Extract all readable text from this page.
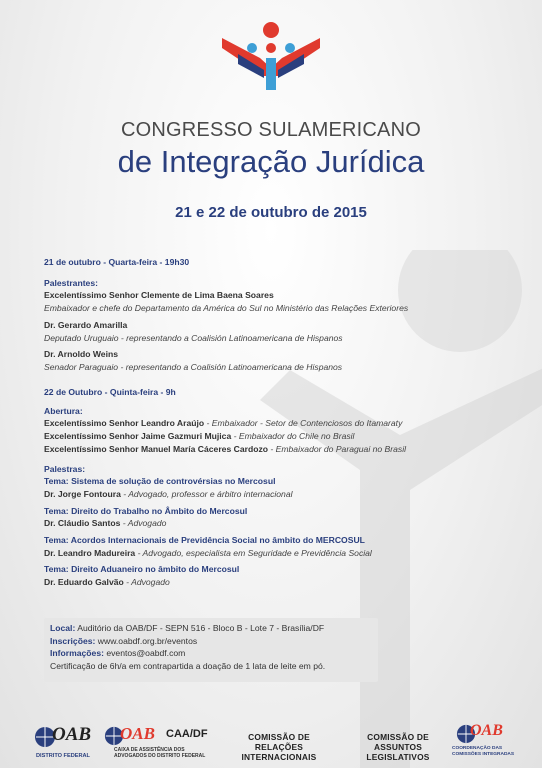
CONGRESSO SULAMERICANO
de Integração Jurídica
21 e 22 de outubro de 2015
21 de outubro - Quarta-feira - 19h30
Palestrantes:
Excelentíssimo Senhor Clemente de Lima Baena Soares
Embaixador e chefe do Departamento da América do Sul no Ministério das Relações Exteriores
Dr. Gerardo Amarilla
Deputado Uruguaio - representando a Coalisión Latinoamericana de Hispanos
Dr. Arnoldo Weins
Senador Paraguaio - representando a Coalisión Latinoamericana de Hispanos
22 de Outubro - Quinta-feira - 9h
Abertura:
Excelentíssimo Senhor Leandro Araújo - Embaixador - Setor de Contenciosos do Itamaraty
Excelentíssimo Senhor Jaime Gazmuri Mujica - Embaixador do Chile no Brasil
Excelentíssimo Senhor Manuel María Cáceres Cardozo - Embaixador do Paraguai no Brasil
Palestras:
Tema: Sistema de solução de controvérsias no Mercosul
Dr. Jorge Fontoura - Advogado, professor e árbitro internacional
Tema: Direito do Trabalho no Âmbito do Mercosul
Dr. Cláudio Santos - Advogado
Tema: Acordos Internacionais de Previdência Social no âmbito do MERCOSUL
Dr. Leandro Madureira - Advogado, especialista em Seguridade e Previdência Social
Tema: Direito Aduaneiro no âmbito do Mercosul
Dr. Eduardo Galvão - Advogado
Local: Auditório da OAB/DF - SEPN 516 - Bloco B - Lote 7 - Brasília/DF
Inscrições: www.oabdf.org.br/eventos
Informações: eventos@oabdf.com
Certificação de 6h/a em contrapartida a doação de 1 lata de leite em pó.
OAB
DISTRITO FEDERAL
OAB CAA/DF
CAIXA DE ASSISTÊNCIA DOS
ADVOGADOS DO DISTRITO FEDERAL
COMISSÃO DE
RELAÇÕES INTERNACIONAIS
COMISSÃO DE
ASSUNTOS LEGISLATIVOS
OAB
COORDENAÇÃO DAS
COMISSÕES INTEGRADAS
